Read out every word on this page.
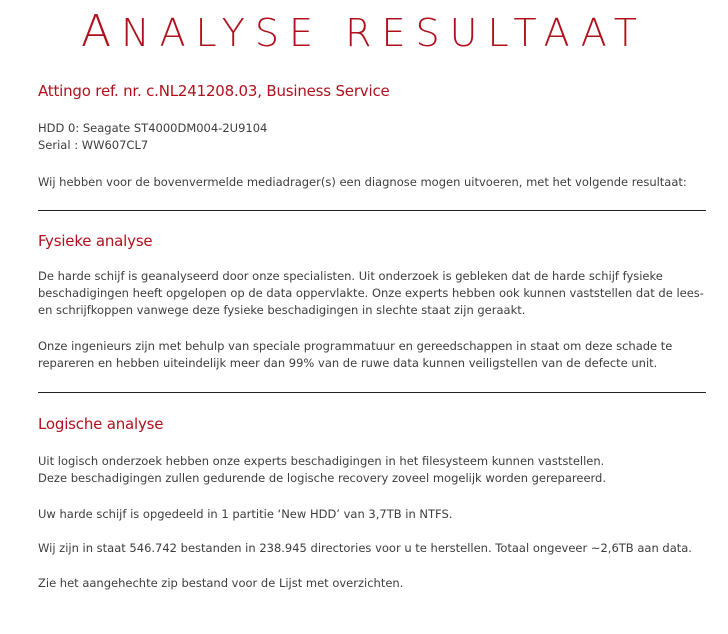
ANALYSE RESULTAAT
Attingo ref. nr. c.NL241208.03, Business Service

HDD 0: Seagate ST4000DM004-2U9104

Serial : WW607CL7

Wij hebben voor de bovenvermelde mediadrager(s) een diagnose mogen uitvoeren, met het volgende resultaat:
Fysieke analyse
De harde schijf is geanalyseerd door onze specialisten. Uit onderzoek is gebleken dat de harde schijf fysieke beschadigingen heeft opgelopen op de data oppervlakte. Onze experts hebben ook kunnen vaststellen dat de lees- en schrijfkoppen vanwege deze fysieke beschadigingen in slechte staat zijn geraakt.
Onze ingenieurs zijn met behulp van speciale programmatuur en gereedschappen in staat om deze schade te repareren en hebben uiteindelijk meer dan 99% van de ruwe data kunnen veiligstellen van de defecte unit.
Logische analyse

Uit logisch onderzoek hebben onze experts beschadigingen in het filesysteem kunnen vaststellen.

Deze beschadigingen zullen gedurende de logische recovery zoveel mogelijk worden gerepareerd.

Uw harde schijf is opgedeeld in 1 partitie ‘New HDD’ van 3,7TB in NTFS.
Wij zijn in staat 546.742 bestanden in 238.945 directories voor u te herstellen. Totaal ongeveer ~2,6TB aan data.
Zie het aangehechte zip bestand voor de Lijst met overzichten.
